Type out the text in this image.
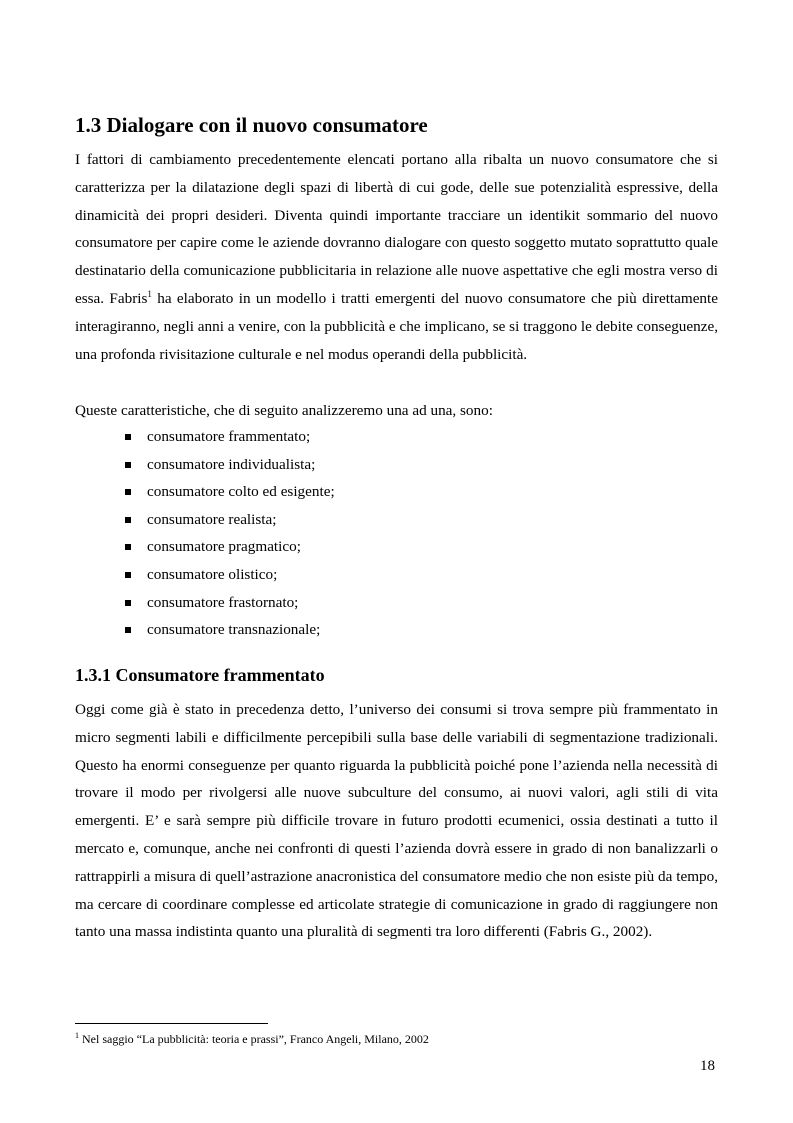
1.3 Dialogare con il nuovo consumatore

I fattori di cambiamento precedentemente elencati portano alla ribalta un nuovo consumatore che si caratterizza per la dilatazione degli spazi di libertà di cui gode, delle sue potenzialità espressive, della dinamicità dei propri desideri. Diventa quindi importante tracciare un identikit sommario del nuovo consumatore per capire come le aziende dovranno dialogare con questo soggetto mutato soprattutto quale destinatario della comunicazione pubblicitaria in relazione alle nuove aspettative che egli mostra verso di essa. Fabris$^1$ ha elaborato in un modello i tratti emergenti del nuovo consumatore che più direttamente interagiranno, negli anni a venire, con la pubblicità e che implicano, se si traggono le debite conseguenze, una profonda rivisitazione culturale e nel modus operandi della pubblicità.

Queste caratteristiche, che di seguito analizzeremo una ad una, sono:

consumatore frammentato;
consumatore individualista;
consumatore colto ed esigente;
consumatore realista;
consumatore pragmatico;
consumatore olistico;
consumatore frastornato;
consumatore transnazionale;
1.3.1 Consumatore frammentato

Oggi come già è stato in precedenza detto, l’universo dei consumi si trova sempre più frammentato in micro segmenti labili e difficilmente percepibili sulla base delle variabili di segmentazione tradizionali. Questo ha enormi conseguenze per quanto riguarda la pubblicità poiché pone l’azienda nella necessità di trovare il modo per rivolgersi alle nuove subculture del consumo, ai nuovi valori, agli stili di vita emergenti. E’ e sarà sempre più difficile trovare in futuro prodotti ecumenici, ossia destinati a tutto il mercato e, comunque, anche nei confronti di questi l’azienda dovrà essere in grado di non banalizzarli o rattrappirli a misura di quell’astrazione anacronistica del consumatore medio che non esiste più da tempo, ma cercare di coordinare complesse ed articolate strategie di comunicazione in grado di raggiungere non tanto una massa indistinta quanto una pluralità di segmenti tra loro differenti (Fabris G., 2002).

$^1$ Nel saggio “La pubblicità: teoria e prassi”, Franco Angeli, Milano, 2002
18
